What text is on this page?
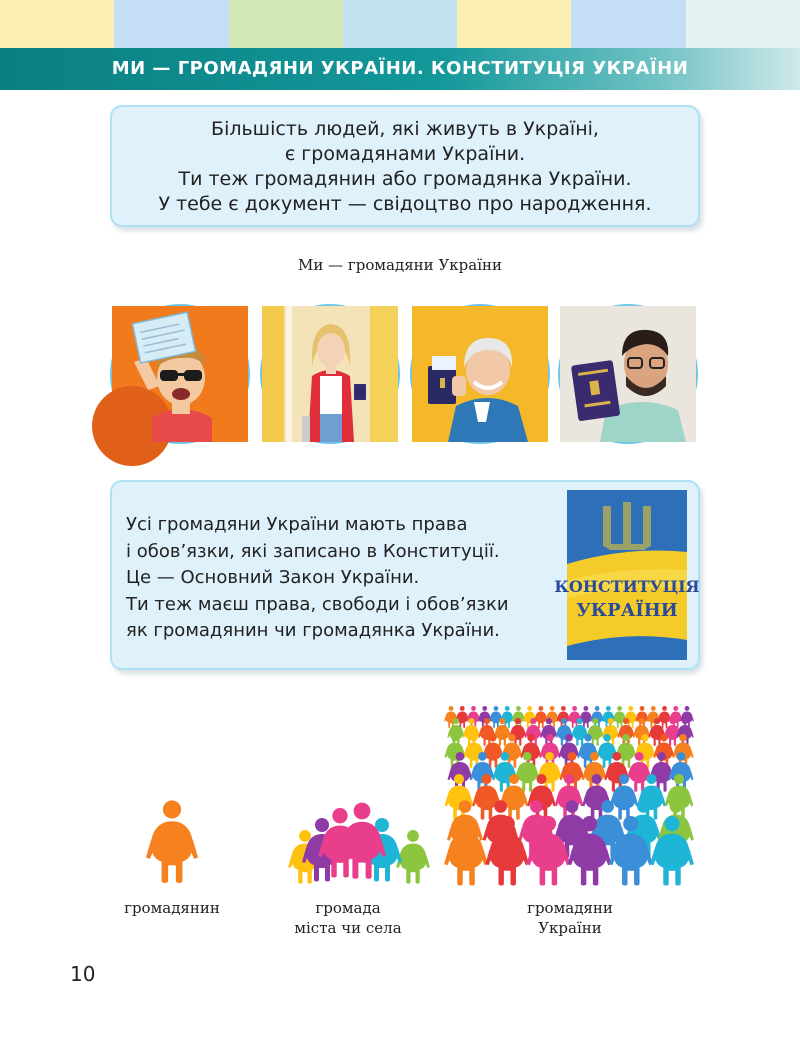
МИ — ГРОМАДЯНИ УКРАЇНИ. КОНСТИТУЦІЯ УКРАЇНИ
Більшість людей, які живуть в Україні,
є громадянами України.
Ти теж громадянин або громадянка України.
У тебе є документ — свідоцтво про народження.
Ми — громадяни України
Усі громадяни України мають права
і обов’язки, які записано в Конституції.
Це — Основний Закон України.
Ти теж маєш права, свободи і обов’язки
як громадянин чи громадянка України.
КОНСТИТУЦІЯ
УКРАЇНИ
громадянин	громада
міста чи села
громадяни
України
10
